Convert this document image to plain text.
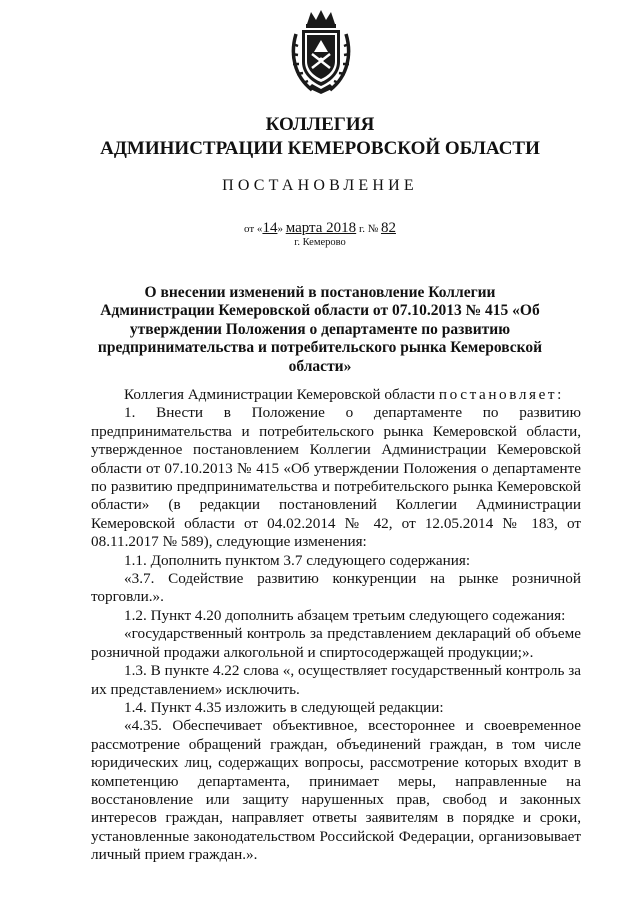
КОЛЛЕГИЯ
АДМИНИСТРАЦИИ КЕМЕРОВСКОЙ ОБЛАСТИ
ПОСТАНОВЛЕНИЕ
от «14» марта 2018 г. № 82
г. Кемерово
О внесении изменений в постановление Коллегии Администрации Кемеровской области от 07.10.2013 № 415 «Об утверждении Положения о департаменте по развитию предпринимательства и потребительского рынка Кемеровской области»

Коллегия Администрации Кемеровской области постановляет:

1. Внести в Положение о департаменте по развитию предпринимательства и потребительского рынка Кемеровской области, утвержденное постановлением Коллегии Администрации Кемеровской области от 07.10.2013 № 415 «Об утверждении Положения о департаменте по развитию предпринимательства и потребительского рынка Кемеровской области» (в редакции постановлений Коллегии Администрации Кемеровской области от 04.02.2014 № 42, от 12.05.2014 № 183, от 08.11.2017 № 589), следующие изменения:

1.1. Дополнить пунктом 3.7 следующего содержания:

«3.7. Содействие развитию конкуренции на рынке розничной торговли.».

1.2. Пункт 4.20 дополнить абзацем третьим следующего содежания:

«государственный контроль за представлением деклараций об объеме розничной продажи алкогольной и спиртосодержащей продукции;».

1.3. В пункте 4.22 слова «, осуществляет государственный контроль за их представлением» исключить.

1.4. Пункт 4.35 изложить в следующей редакции:

«4.35. Обеспечивает объективное, всестороннее и своевременное рассмотрение обращений граждан, объединений граждан, в том числе юридических лиц, содержащих вопросы, рассмотрение которых входит в компетенцию департамента, принимает меры, направленные на восстановление или защиту нарушенных прав, свобод и законных интересов граждан, направляет ответы заявителям в порядке и сроки, установленные законодательством Российской Федерации, организовывает личный прием граждан.».
